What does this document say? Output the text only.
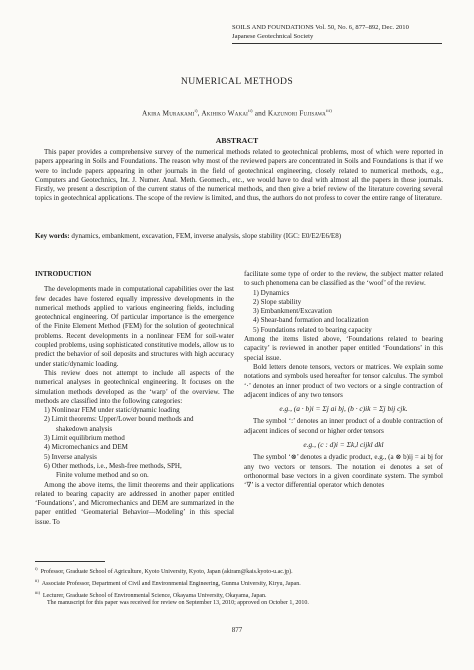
SOILS AND FOUNDATIONS Vol. 50, No. 6, 877–892, Dec. 2010
Japanese Geotechnical Society
NUMERICAL METHODS
Akira Murakami$^{i)}$, Akihiko Wakai$^{ii)}$ and Kazunori Fujisawa$^{iii)}$
ABSTRACT

This paper provides a comprehensive survey of the numerical methods related to geotechnical problems, most of which were reported in papers appearing in Soils and Foundations. The reason why most of the reviewed papers are concentrated in Soils and Foundations is that if we were to include papers appearing in other journals in the field of geotechnical engineering, closely related to numerical methods, e.g., Computers and Geotechnics, Int. J. Numer. Anal. Meth. Geomech., etc., we would have to deal with almost all the papers in those journals. Firstly, we present a description of the current status of the numerical methods, and then give a brief review of the literature covering several topics in geotechnical applications. The scope of the review is limited, and thus, the authors do not profess to cover the entire range of literature.

Key words: dynamics, embankment, excavation, FEM, inverse analysis, slope stability (IGC: E0/E2/E6/E8)
INTRODUCTION

The developments made in computational capabilities over the last few decades have fostered equally impressive developments in the numerical methods applied to various engineering fields, including geotechnical engineering. Of particular importance is the emergence of the Finite Element Method (FEM) for the solution of geotechnical problems. Recent developments in a nonlinear FEM for soil-water coupled problems, using sophisticated constitutive models, allow us to predict the behavior of soil deposits and structures with high accuracy under static/dynamic loading.

This review does not attempt to include all aspects of the numerical analyses in geotechnical engineering. It focuses on the simulation methods developed as the ‘warp’ of the overview. The methods are classified into the following categories:

1) Nonlinear FEM under static/dynamic loading
2) Limit theorems: Upper/Lower bound methods and
shakedown analysis
3) Limit equilibrium method
4) Micromechanics and DEM
5) Inverse analysis
6) Other methods, i.e., Mesh-free methods, SPH,
Finite volume method and so on.

Among the above items, the limit theorems and their applications related to bearing capacity are addressed in another paper entitled ‘Foundations’, and Micromechanics and DEM are summarized in the paper entitled ‘Geomaterial Behavior—Modeling’ in this special issue. To

facilitate some type of order to the review, the subject matter related to such phenomena can be classified as the ‘woof’ of the review.

1) Dynamics
2) Slope stability
3) Embankment/Excavation
4) Shear-band formation and localization
5) Foundations related to bearing capacity

Among the items listed above, ‘Foundations related to bearing capacity’ is reviewed in another paper entitled ‘Foundations’ in this special issue.

Bold letters denote tensors, vectors or matrices. We explain some notations and symbols used hereafter for tensor calculus. The symbol ‘·’ denotes an inner product of two vectors or a single contraction of adjacent indices of any two tensors

e.g., (a · b)i = Σj ai bj, (b · c)ik = Σj bij cjk.

The symbol ‘:’ denotes an inner product of a double contraction of adjacent indices of second or higher order tensors

e.g., (c : d)i = Σk,l cijkl dkl

The symbol ‘⊗’ denotes a dyadic product, e.g., (a ⊗ b)ij = ai bj for any two vectors or tensors. The notation ei denotes a set of orthonormal base vectors in a given coordinate system. The symbol ‘∇’ is a vector differential operator which denotes

$^{i)}$  Professor, Graduate School of Agriculture, Kyoto University, Kyoto, Japan (akiram@kais.kyoto-u.ac.jp).
$^{ii)}$  Associate Professor, Department of Civil and Environmental Engineering, Gunma University, Kiryu, Japan.
$^{iii)}$  Lecturer, Graduate School of Environmental Science, Okayama University, Okayama, Japan.
The manuscript for this paper was received for review on September 13, 2010; approved on October 1, 2010.
877
